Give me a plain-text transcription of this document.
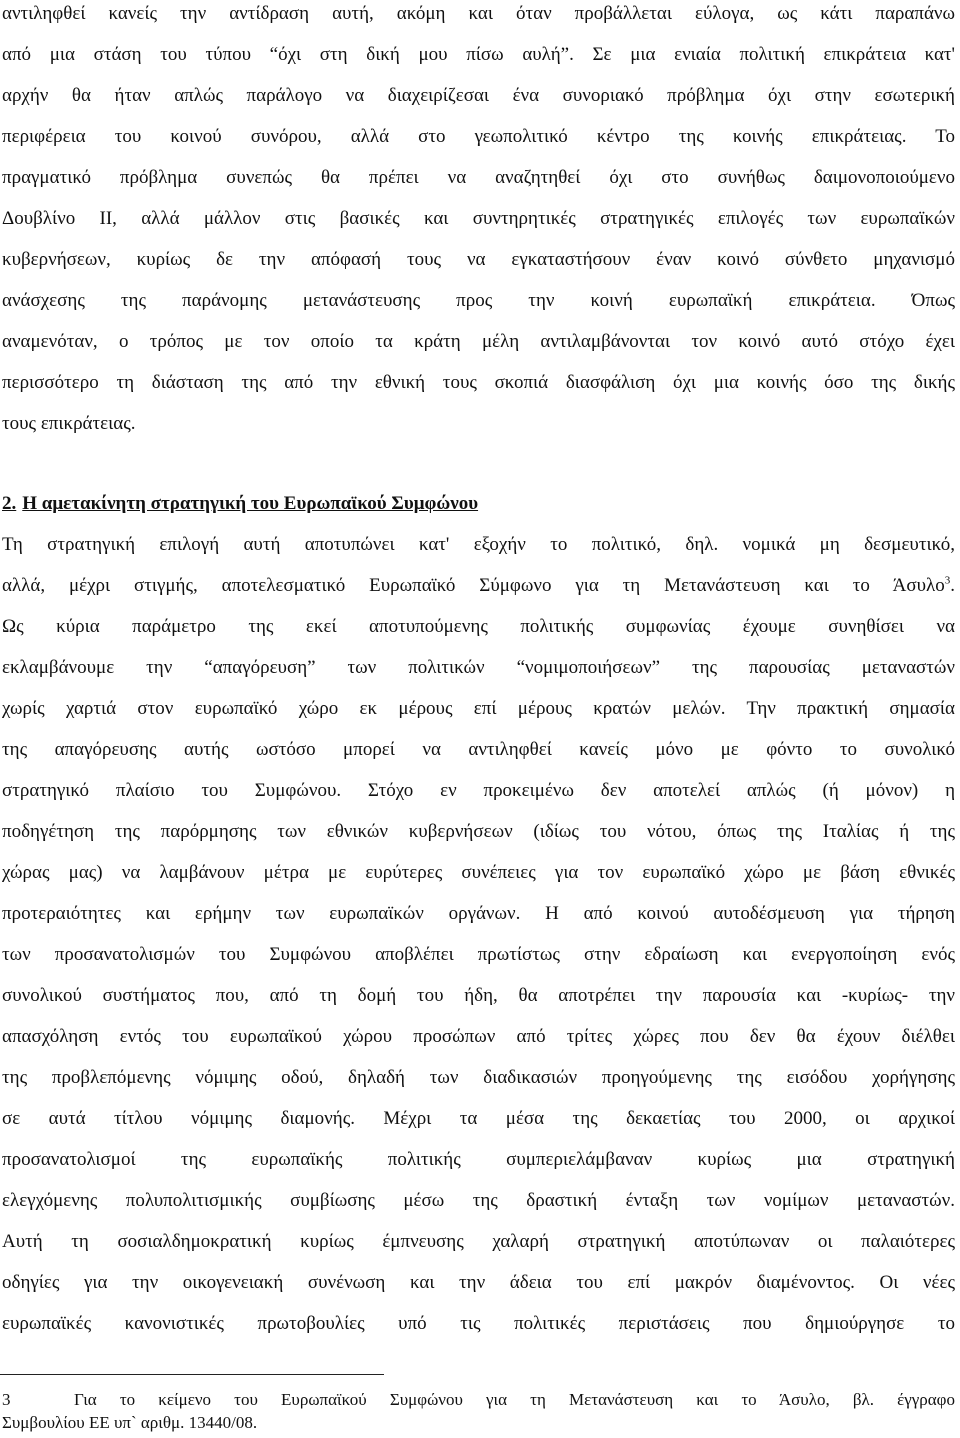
αντιληφθεί κανείς την αντίδραση αυτή, ακόμη και όταν προβάλλεται εύλογα, ως κάτι παραπάνω
από μια στάση του τύπου “όχι στη δική μου πίσω αυλή”. Σε μια ενιαία πολιτική επικράτεια κατ'
αρχήν θα ήταν απλώς παράλογο να διαχειρίζεσαι ένα συνοριακό πρόβλημα όχι στην εσωτερική
περιφέρεια του κοινού συνόρου, αλλά στο γεωπολιτικό κέντρο της κοινής επικράτειας. Το
πραγματικό πρόβλημα συνεπώς θα πρέπει να αναζητηθεί όχι στο συνήθως δαιμονοποιούμενο
Δουβλίνο ΙΙ, αλλά μάλλον στις βασικές και συντηρητικές στρατηγικές επιλογές των ευρωπαϊκών
κυβερνήσεων, κυρίως δε την απόφασή τους να εγκαταστήσουν έναν κοινό σύνθετο μηχανισμό
ανάσχεσης της παράνομης μετανάστευσης προς την κοινή ευρωπαϊκή επικράτεια. Όπως
αναμενόταν, ο τρόπος με τον οποίο τα κράτη μέλη αντιλαμβάνονται τον κοινό αυτό στόχο έχει
περισσότερο τη διάσταση της από την εθνική τους σκοπιά διασφάλιση όχι μια κοινής όσο της δικής
τους επικράτειας.
2. Η αμετακίνητη στρατηγική του Ευρωπαϊκού Συμφώνου
Τη στρατηγική επιλογή αυτή αποτυπώνει κατ' εξοχήν το πολιτικό, δηλ. νομικά μη δεσμευτικό,
αλλά, μέχρι στιγμής, αποτελεσματικό Ευρωπαϊκό Σύμφωνο για τη Μετανάστευση και το Άσυλο$^3$.
Ως κύρια παράμετρο της εκεί αποτυπούμενης πολιτικής συμφωνίας έχουμε συνηθίσει να
εκλαμβάνουμε την “απαγόρευση” των πολιτικών “νομιμοποιήσεων” της παρουσίας μεταναστών
χωρίς χαρτιά στον ευρωπαϊκό χώρο εκ μέρους επί μέρους κρατών μελών. Την πρακτική σημασία
της απαγόρευσης αυτής ωστόσο μπορεί να αντιληφθεί κανείς μόνο με φόντο το συνολικό
στρατηγικό πλαίσιο του Συμφώνου. Στόχο εν προκειμένω δεν αποτελεί απλώς (ή μόνον) η
ποδηγέτηση της παρόρμησης των εθνικών κυβερνήσεων (ιδίως του νότου, όπως της Ιταλίας ή της
χώρας μας) να λαμβάνουν μέτρα με ευρύτερες συνέπειες για τον ευρωπαϊκό χώρο με βάση εθνικές
προτεραιότητες και ερήμην των ευρωπαϊκών οργάνων. Η από κοινού αυτοδέσμευση για τήρηση
των προσανατολισμών του Συμφώνου αποβλέπει πρωτίστως στην εδραίωση και ενεργοποίηση ενός
συνολικού συστήματος που, από τη δομή του ήδη, θα αποτρέπει την παρουσία και -κυρίως- την
απασχόληση εντός του ευρωπαϊκού χώρου προσώπων από τρίτες χώρες που δεν θα έχουν διέλθει
της προβλεπόμενης νόμιμης οδού, δηλαδή των διαδικασιών προηγούμενης της εισόδου χορήγησης
σε αυτά τίτλου νόμιμης διαμονής. Μέχρι τα μέσα της δεκαετίας του 2000, οι αρχικοί
προσανατολισμοί της ευρωπαϊκής πολιτικής συμπεριελάμβαναν κυρίως μια στρατηγική
ελεγχόμενης πολυπολιτισμικής συμβίωσης μέσω της δραστική ένταξη των νομίμων μεταναστών.
Αυτή τη σοσιαλδημοκρατική κυρίως έμπνευσης χαλαρή στρατηγική αποτύπωναν οι παλαιότερες
οδηγίες για την οικογενειακή συνένωση και την άδεια του επί μακρόν διαμένοντος. Οι νέες
ευρωπαϊκές κανονιστικές πρωτοβουλίες υπό τις πολιτικές περιστάσεις που δημιούργησε το
3	Για το κείμενο του Ευρωπαϊκού Συμφώνου για τη Μετανάστευση και το Άσυλο, βλ. έγγραφο
Συμβουλίου ΕΕ υπ` αριθμ. 13440/08.
